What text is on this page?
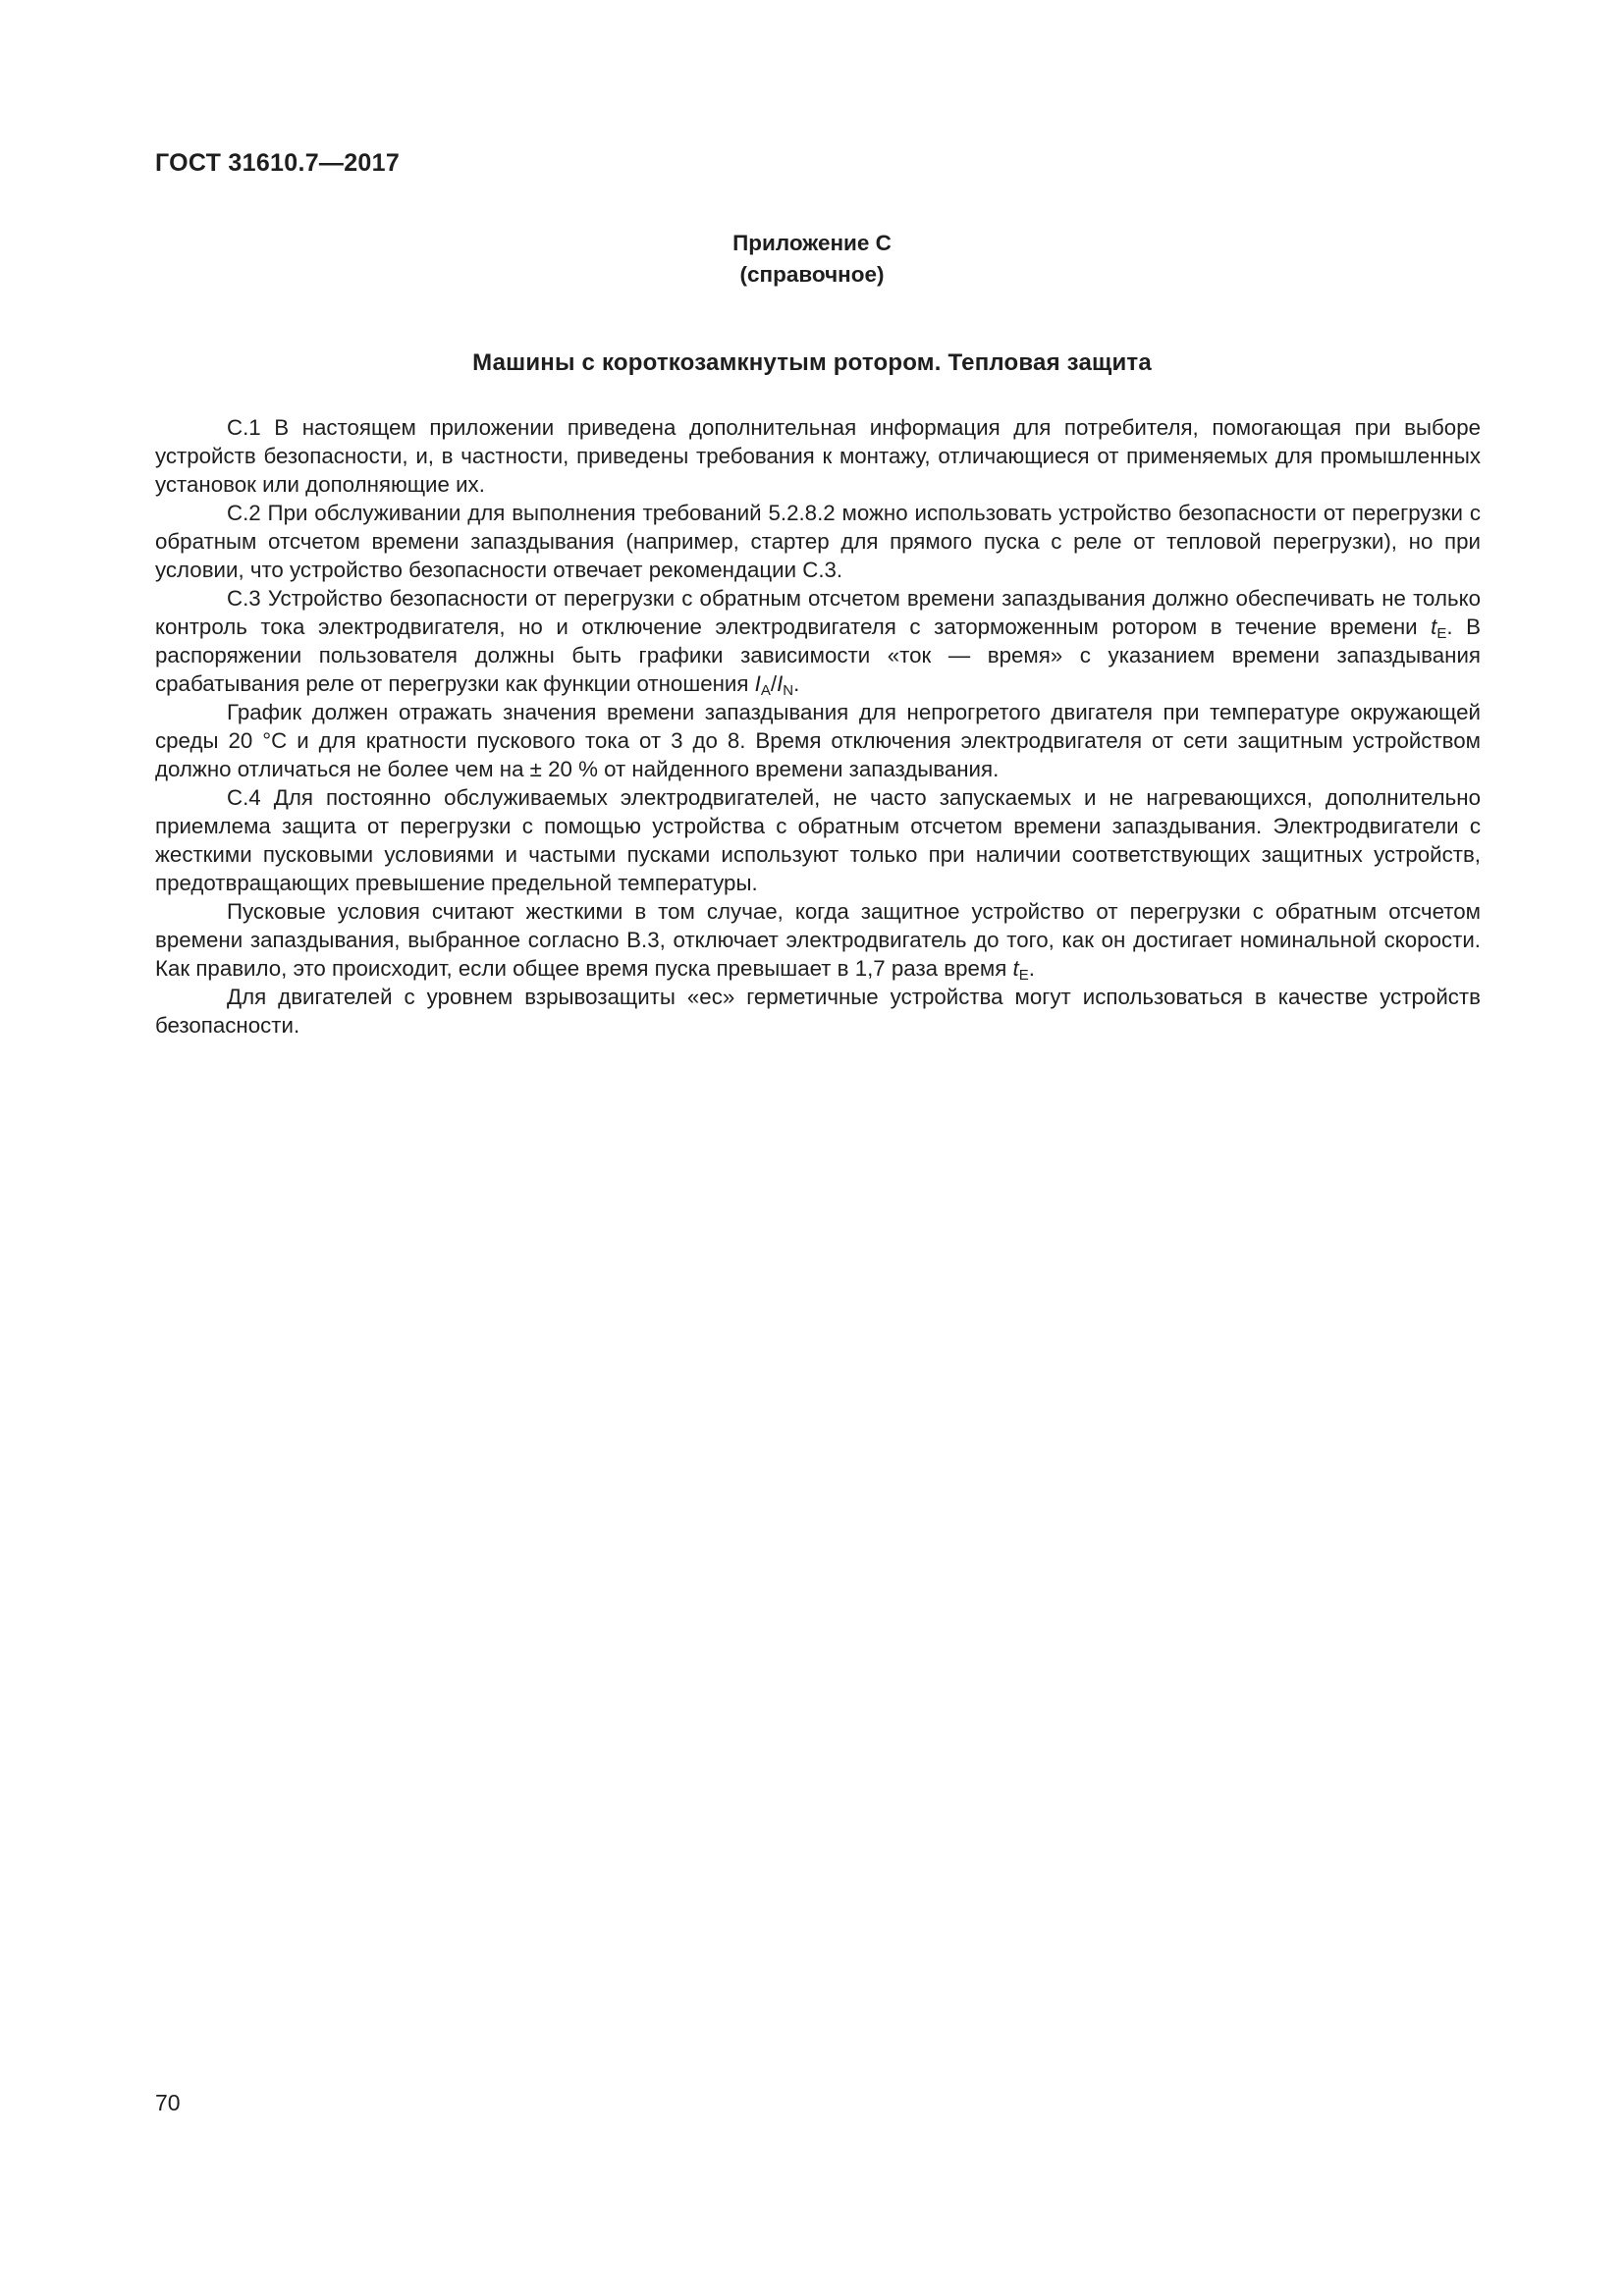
ГОСТ 31610.7—2017
Приложение С
(справочное)
Машины с короткозамкнутым ротором. Тепловая защита

С.1 В настоящем приложении приведена дополнительная информация для потребителя, помогающая при выборе устройств безопасности, и, в частности, приведены требования к монтажу, отличающиеся от применяемых для промышленных установок или дополняющие их.

С.2 При обслуживании для выполнения требований 5.2.8.2 можно использовать устройство безопасности от перегрузки с обратным отсчетом времени запаздывания (например, стартер для прямого пуска с реле от тепловой перегрузки), но при условии, что устройство безопасности отвечает рекомендации С.3.

С.3 Устройство безопасности от перегрузки с обратным отсчетом времени запаздывания должно обеспечивать не только контроль тока электродвигателя, но и отключение электродвигателя с заторможенным ротором в течение времени $t_E$. В распоряжении пользователя должны быть графики зависимости «ток — время» с указанием времени запаздывания срабатывания реле от перегрузки как функции отношения $I_A/I_N$.

График должен отражать значения времени запаздывания для непрогретого двигателя при температуре окружающей среды 20 °С и для кратности пускового тока от 3 до 8. Время отключения электродвигателя от сети защитным устройством должно отличаться не более чем на ± 20 % от найденного времени запаздывания.

С.4 Для постоянно обслуживаемых электродвигателей, не часто запускаемых и не нагревающихся, дополнительно приемлема защита от перегрузки с помощью устройства с обратным отсчетом времени запаздывания. Электродвигатели с жесткими пусковыми условиями и частыми пусками используют только при наличии соответствующих защитных устройств, предотвращающих превышение предельной температуры.

Пусковые условия считают жесткими в том случае, когда защитное устройство от перегрузки с обратным отсчетом времени запаздывания, выбранное согласно В.3, отключает электродвигатель до того, как он достигает номинальной скорости. Как правило, это происходит, если общее время пуска превышает в 1,7 раза время $t_E$.

Для двигателей с уровнем взрывозащиты «ес» герметичные устройства могут использоваться в качестве устройств безопасности.

70
